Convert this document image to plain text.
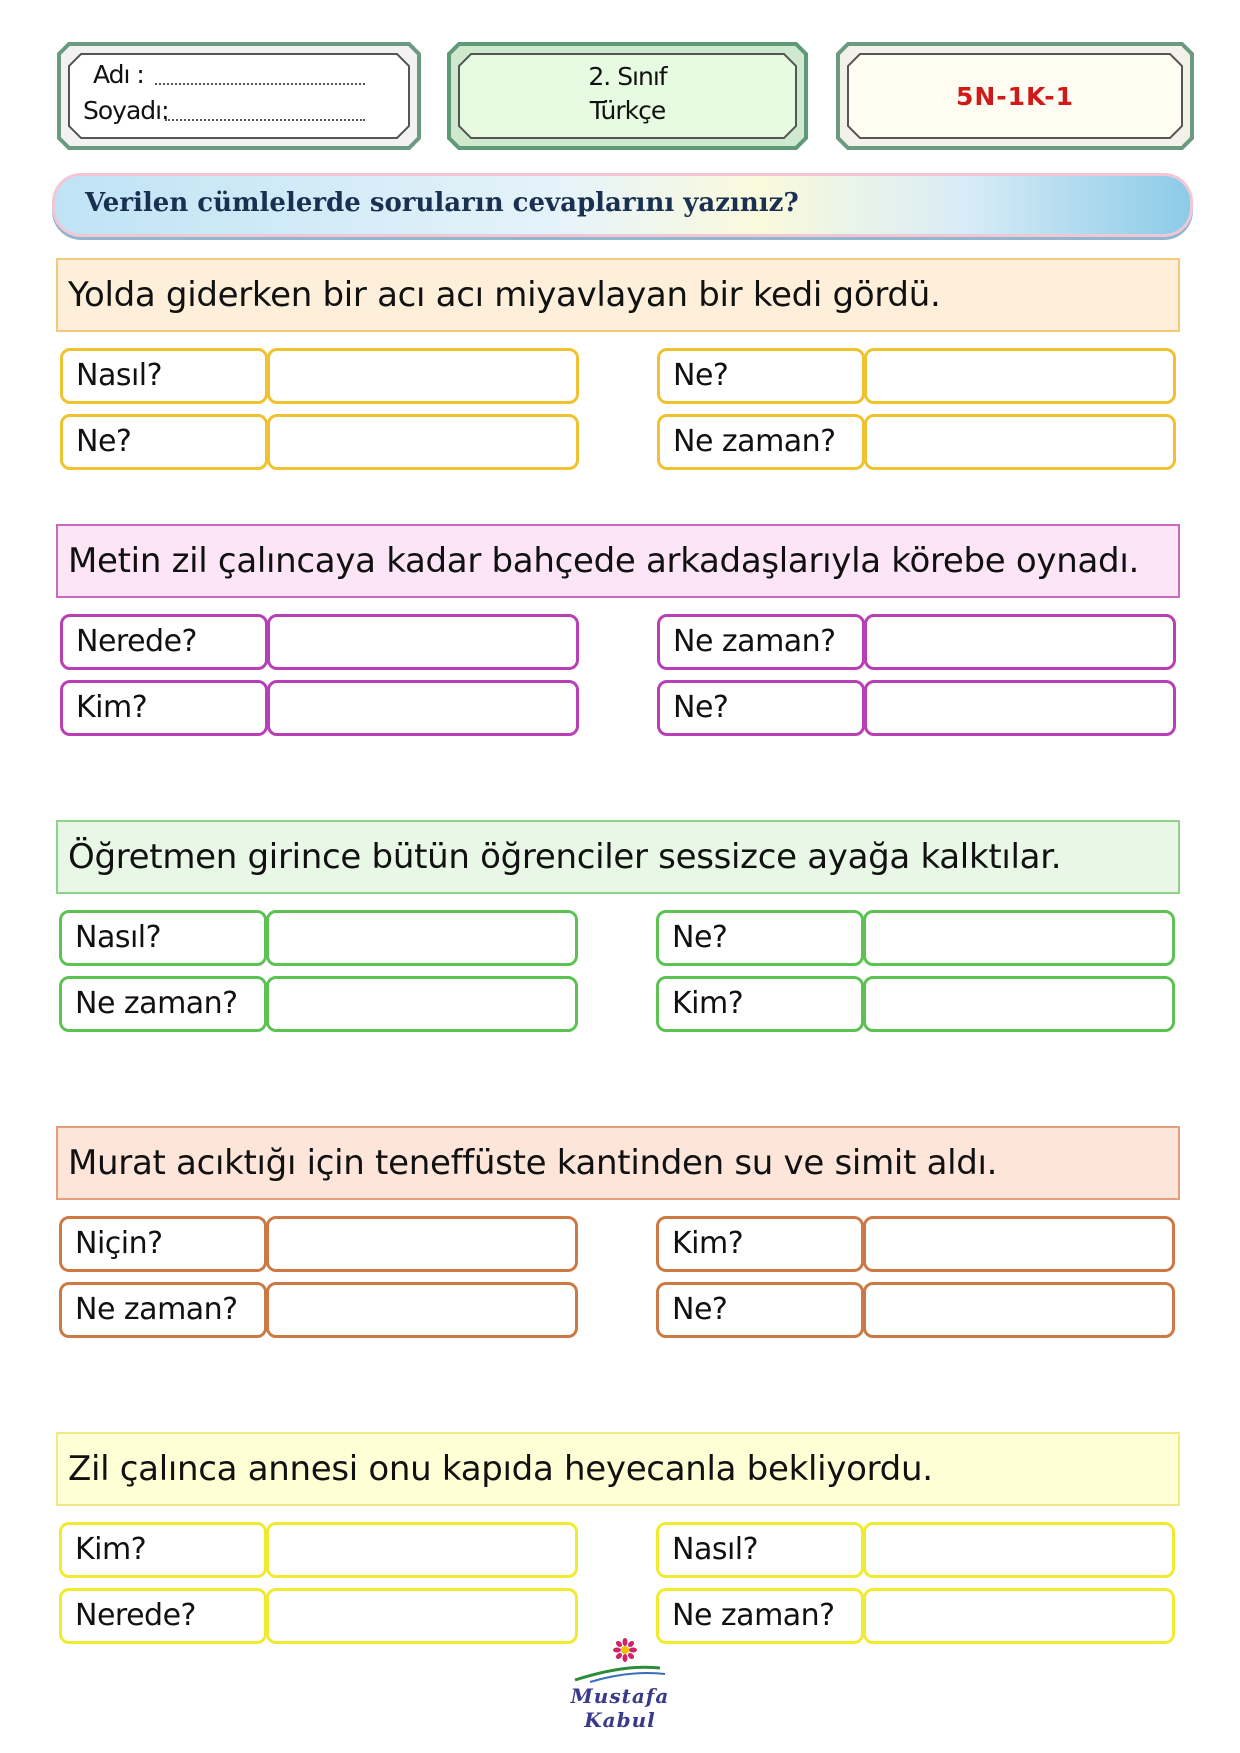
Adı :
Soyadı:
2. Sınıf
Türkçe	5N-1K-1
Verilen cümlelerde soruların cevaplarını yazınız?
Yolda giderken bir acı acı miyavlayan bir kedi gördü.
Nasıl?
Ne?
Ne?
Ne zaman?
Metin zil çalıncaya kadar bahçede arkadaşlarıyla körebe oynadı.
Nerede?
Kim?
Ne zaman?
Ne?
Öğretmen girince bütün öğrenciler sessizce ayağa kalktılar.
Nasıl?
Ne zaman?
Ne?
Kim?
Murat acıktığı için teneffüste kantinden su ve simit aldı.
Niçin?
Ne zaman?
Kim?
Ne?
Zil çalınca annesi onu kapıda heyecanla bekliyordu.
Kim?
Nerede?
Nasıl?
Ne zaman?
Mustafa Kabul
